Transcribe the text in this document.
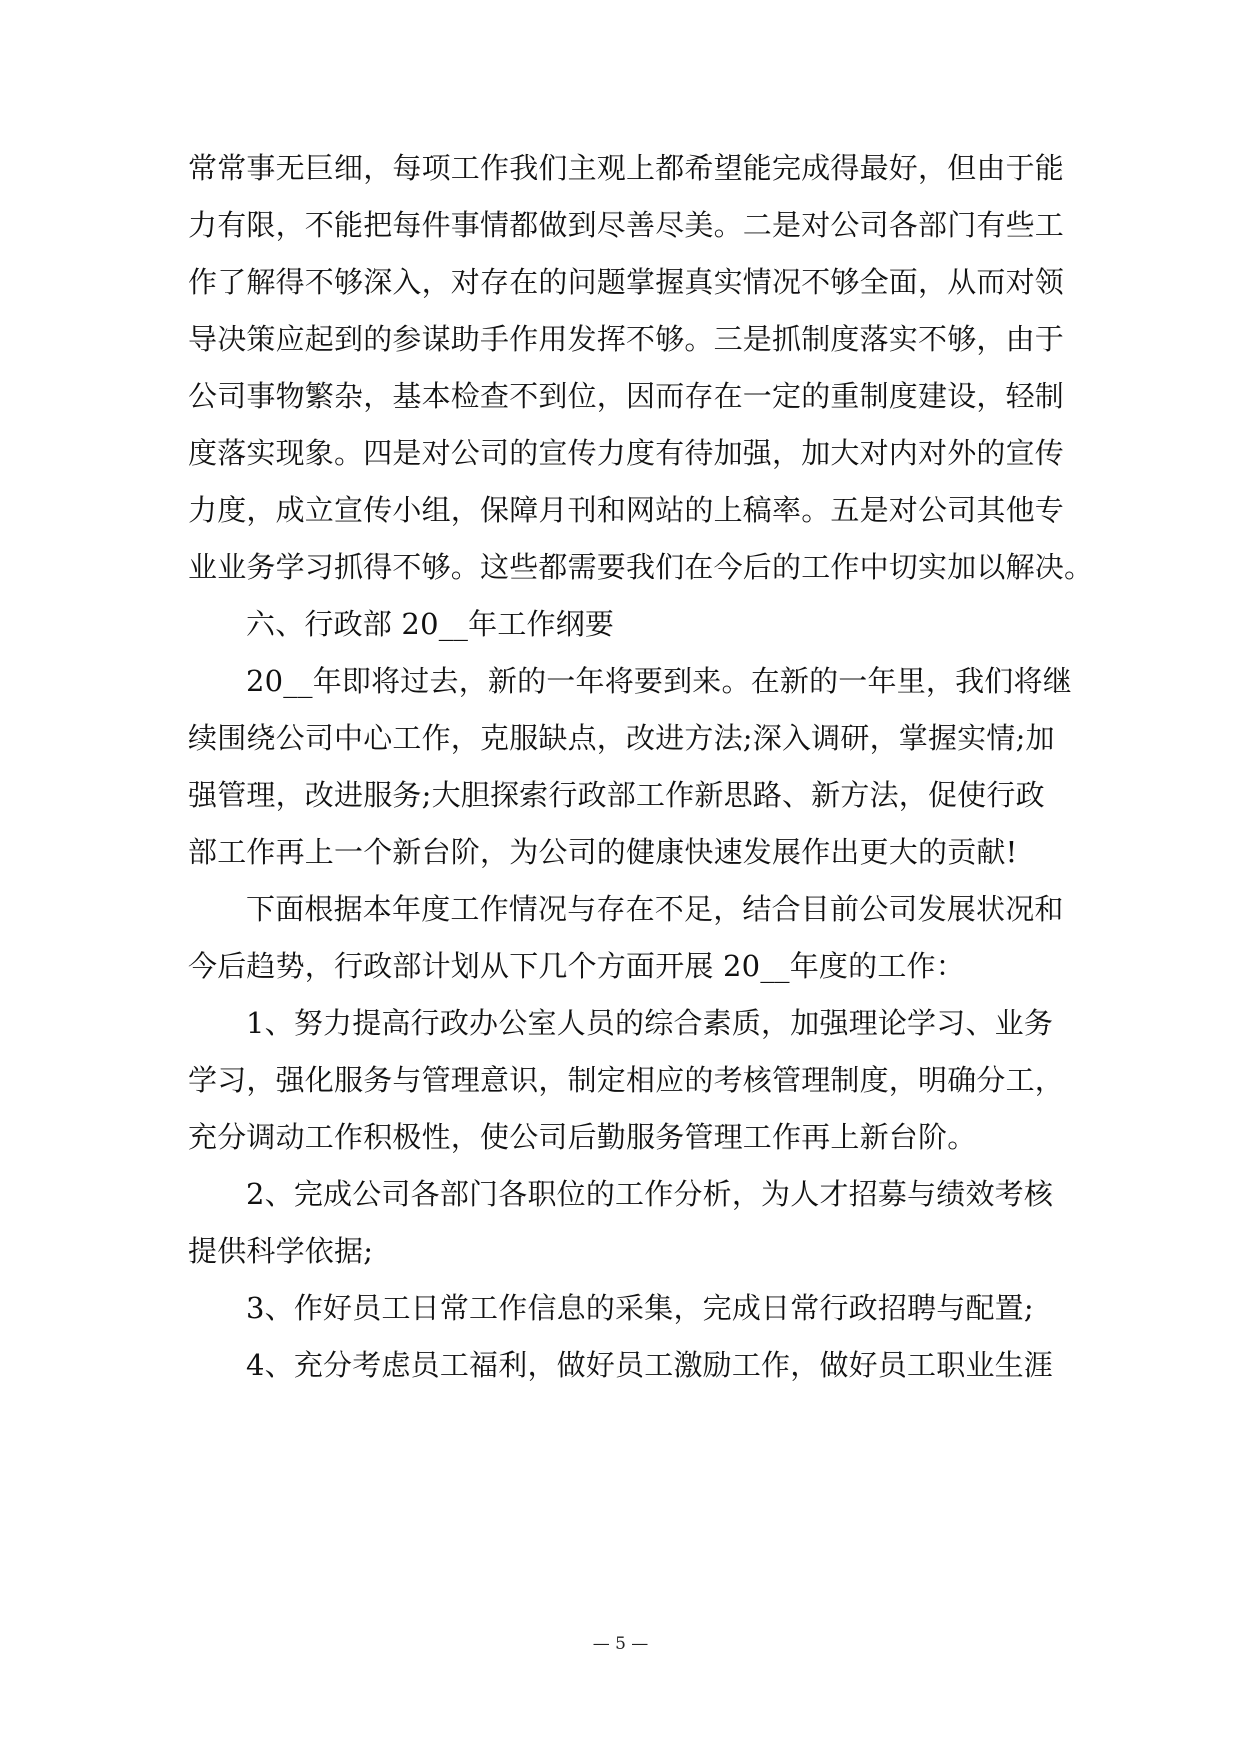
常常事无巨细，每项工作我们主观上都希望能完成得最好，但由于能
力有限，不能把每件事情都做到尽善尽美。二是对公司各部门有些工
作了解得不够深入，对存在的问题掌握真实情况不够全面，从而对领
导决策应起到的参谋助手作用发挥不够。三是抓制度落实不够，由于
公司事物繁杂，基本检查不到位，因而存在一定的重制度建设，轻制
度落实现象。四是对公司的宣传力度有待加强，加大对内对外的宣传
力度，成立宣传小组，保障月刊和网站的上稿率。五是对公司其他专
业业务学习抓得不够。这些都需要我们在今后的工作中切实加以解决。
六、行政部 20__年工作纲要
20__年即将过去，新的一年将要到来。在新的一年里，我们将继
续围绕公司中心工作，克服缺点，改进方法;深入调研，掌握实情;加
强管理，改进服务;大胆探索行政部工作新思路、新方法，促使行政
部工作再上一个新台阶，为公司的健康快速发展作出更大的贡献!
下面根据本年度工作情况与存在不足，结合目前公司发展状况和
今后趋势，行政部计划从下几个方面开展 20__年度的工作：
1、努力提高行政办公室人员的综合素质，加强理论学习、业务
学习，强化服务与管理意识，制定相应的考核管理制度，明确分工，
充分调动工作积极性，使公司后勤服务管理工作再上新台阶。
2、完成公司各部门各职位的工作分析，为人才招募与绩效考核
提供科学依据;
3、作好员工日常工作信息的采集，完成日常行政招聘与配置;
4、充分考虑员工福利，做好员工激励工作，做好员工职业生涯
— 5 —
